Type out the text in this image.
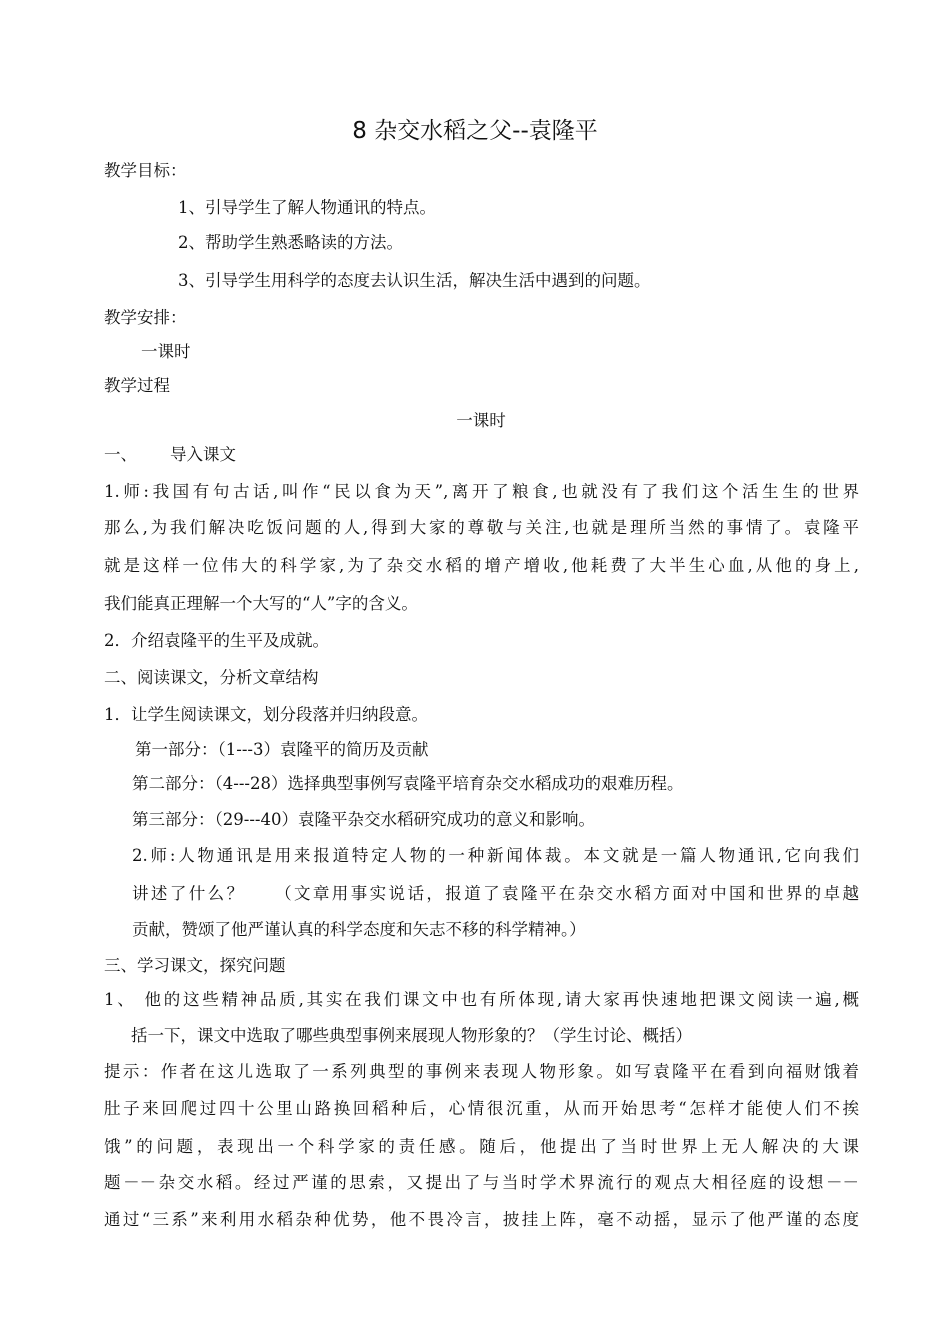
8 杂交水稻之父--袁隆平
教学目标：
1、引导学生了解人物通讯的特点。
2、帮助学生熟悉略读的方法。
3、引导学生用科学的态度去认识生活，解决生活中遇到的问题。
教学安排：
一课时
教学过程
一课时
一、 导入课文
1.师:我国有句古话,叫作“民以食为天”,离开了粮食,也就没有了我们这个活生生的世界
那么,为我们解决吃饭问题的人,得到大家的尊敬与关注,也就是理所当然的事情了。袁隆平
就是这样一位伟大的科学家,为了杂交水稻的增产增收,他耗费了大半生心血,从他的身上,
我们能真正理解一个大写的“人”字的含义。
2．介绍袁隆平的生平及成就。
二、阅读课文，分析文章结构
1．让学生阅读课文，划分段落并归纳段意。
第一部分：（1---3）袁隆平的简历及贡献
第二部分：（4---28）选择典型事例写袁隆平培育杂交水稻成功的艰难历程。
第三部分：（29---40）袁隆平杂交水稻研究成功的意义和影响。
2.师:人物通讯是用来报道特定人物的一种新闻体裁。本文就是一篇人物通讯,它向我们
讲述了什么？　　（文章用事实说话，报道了袁隆平在杂交水稻方面对中国和世界的卓越
贡献，赞颂了他严谨认真的科学态度和矢志不移的科学精神。）
三、学习课文，探究问题
1、 他的这些精神品质,其实在我们课文中也有所体现,请大家再快速地把课文阅读一遍,概
括一下，课文中选取了哪些典型事例来展现人物形象的？（学生讨论、概括）
提示：作者在这儿选取了一系列典型的事例来表现人物形象。如写袁隆平在看到向福财饿着
肚子来回爬过四十公里山路换回稻种后，心情很沉重，从而开始思考“怎样才能使人们不挨
饿”的问题，表现出一个科学家的责任感。随后，他提出了当时世界上无人解决的大课
题－－杂交水稻。经过严谨的思索，又提出了与当时学术界流行的观点大相径庭的设想－－
通过“三系”来利用水稻杂种优势，他不畏冷言，披挂上阵，毫不动摇，显示了他严谨的态度
